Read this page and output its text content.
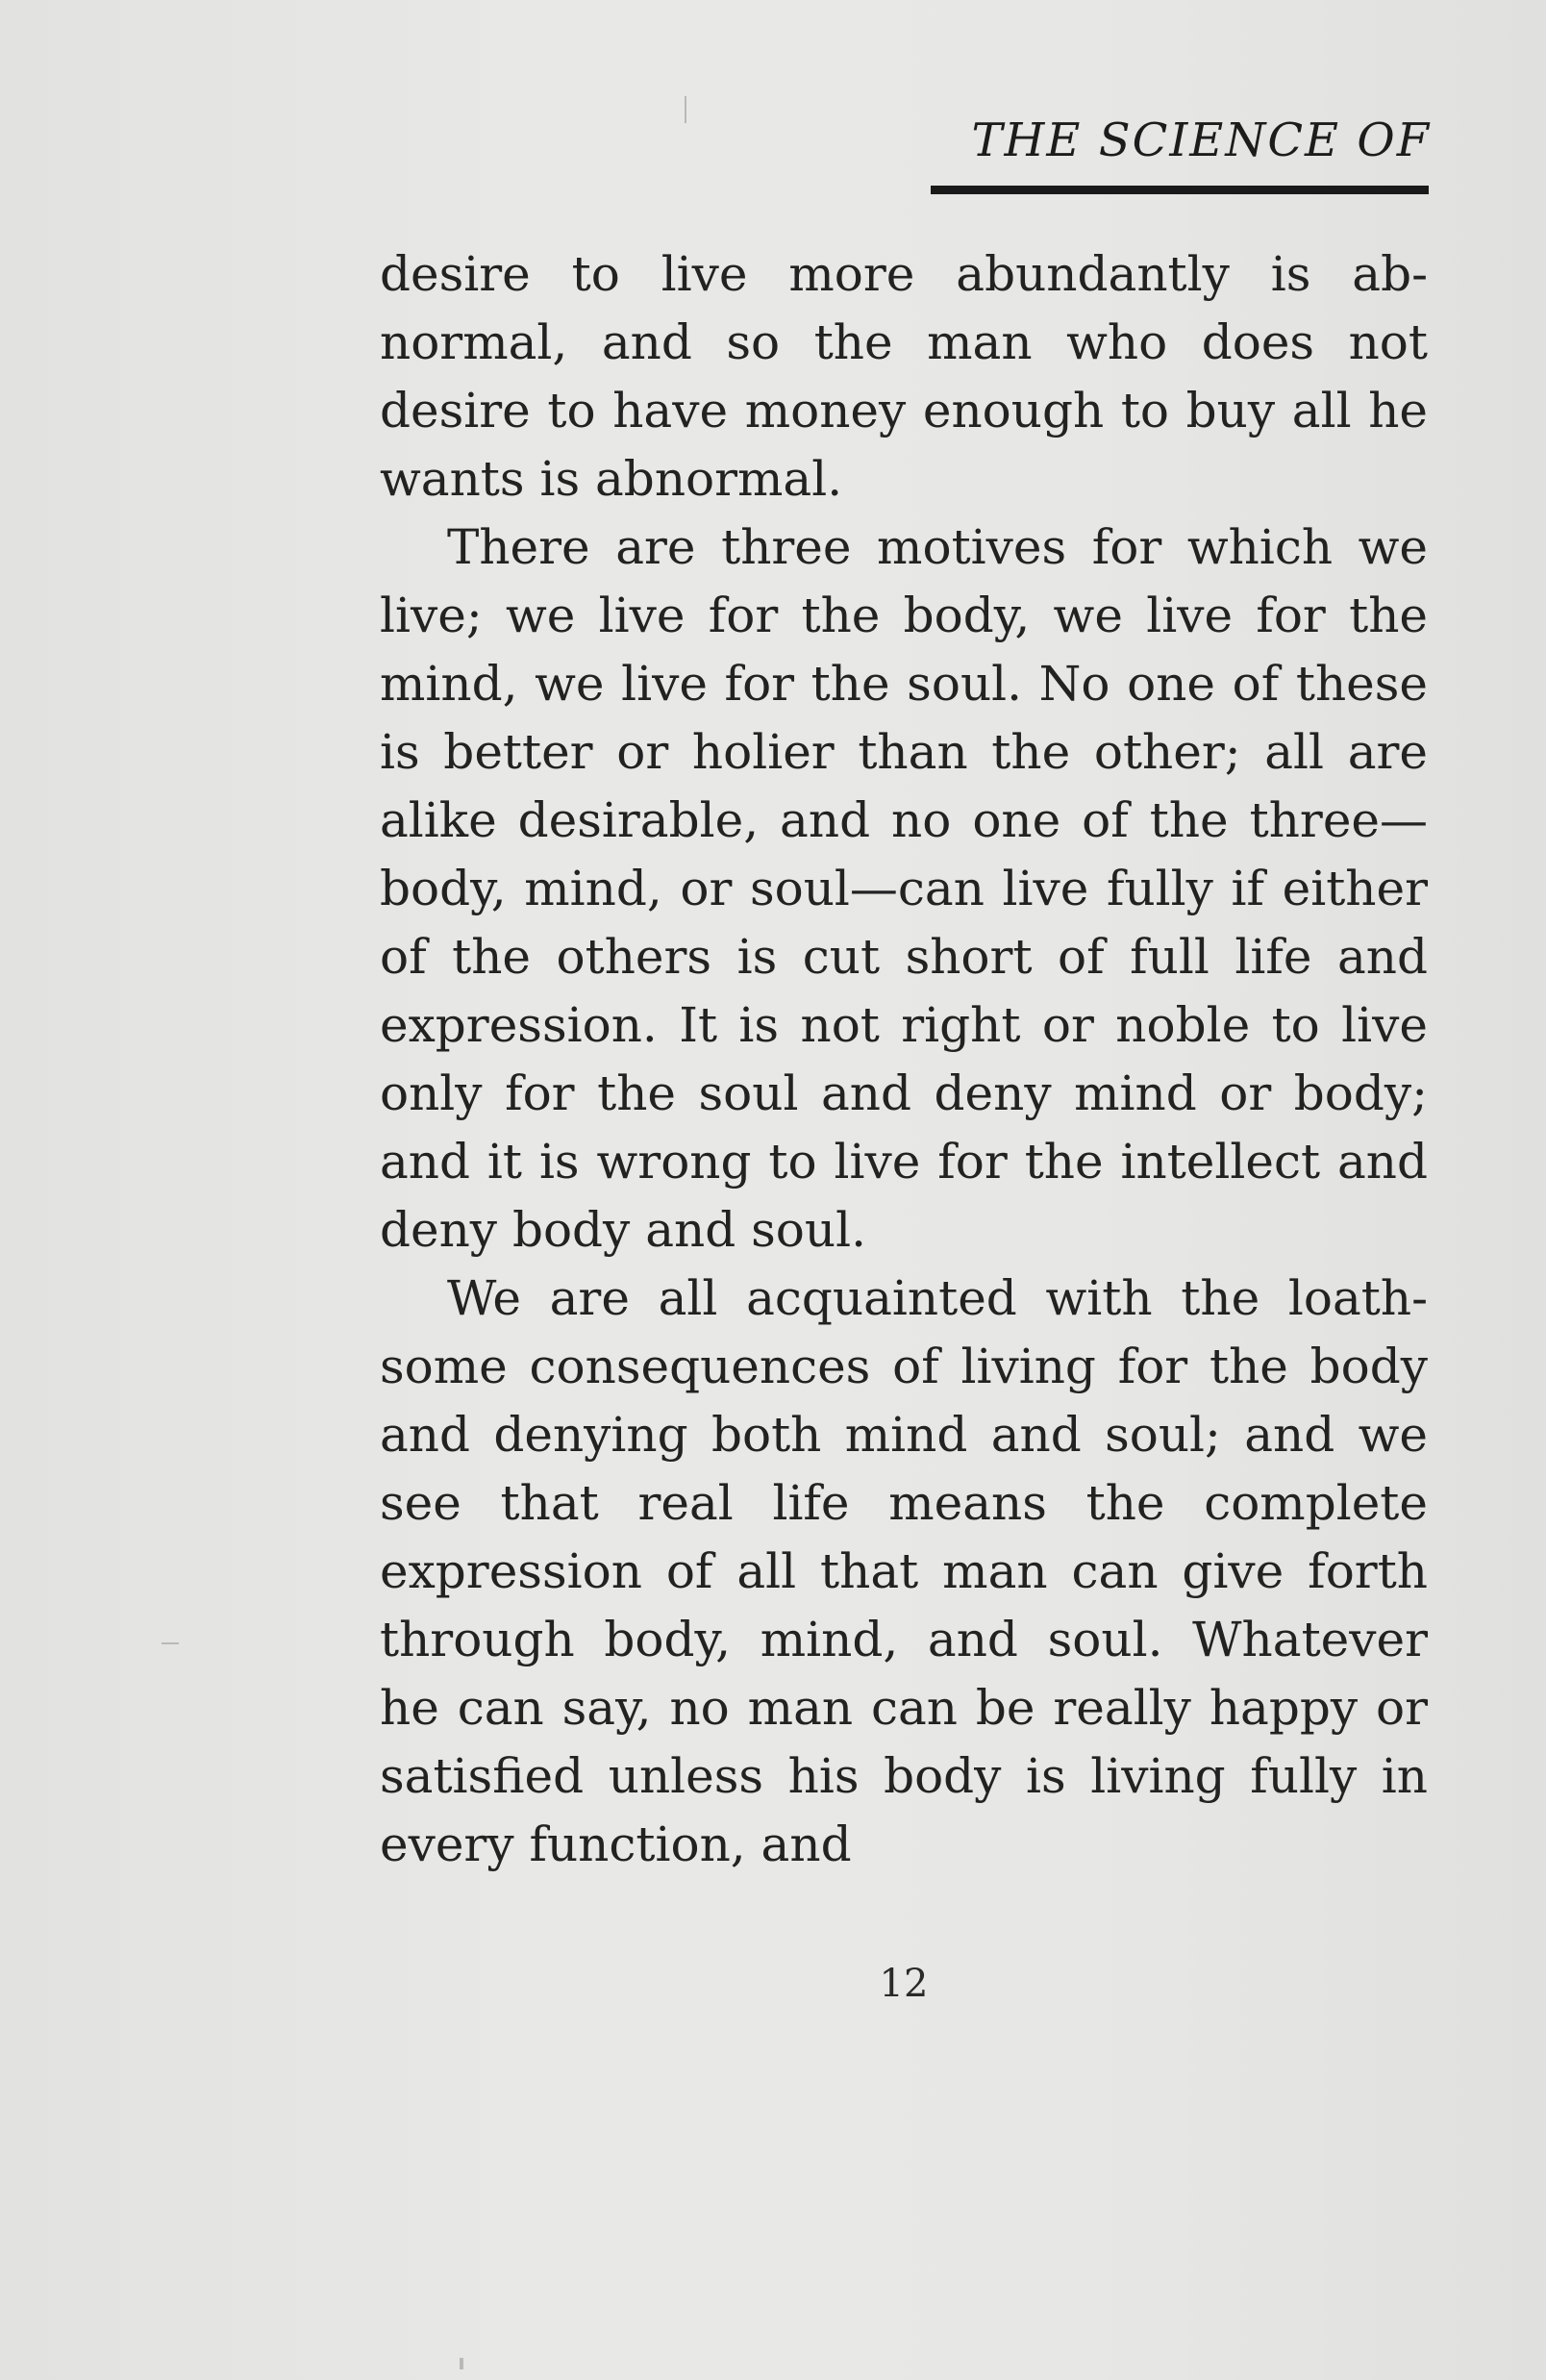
THE SCIENCE OF

desire to live more abundantly is abnormal, and so the man who does not desire to have money enough to buy all he wants is abnormal.

There are three motives for which we live; we live for the body, we live for the mind, we live for the soul. No one of these is better or holier than the other; all are alike desirable, and no one of the three—body, mind, or soul—can live fully if either of the others is cut short of full life and expression. It is not right or noble to live only for the soul and deny mind or body; and it is wrong to live for the intellect and deny body and soul.

We are all acquainted with the loathsome consequences of living for the body and denying both mind and soul; and we see that real life means the complete expression of all that man can give forth through body, mind, and soul. Whatever he can say, no man can be really happy or satisfied unless his body is living fully in every function, and

12
